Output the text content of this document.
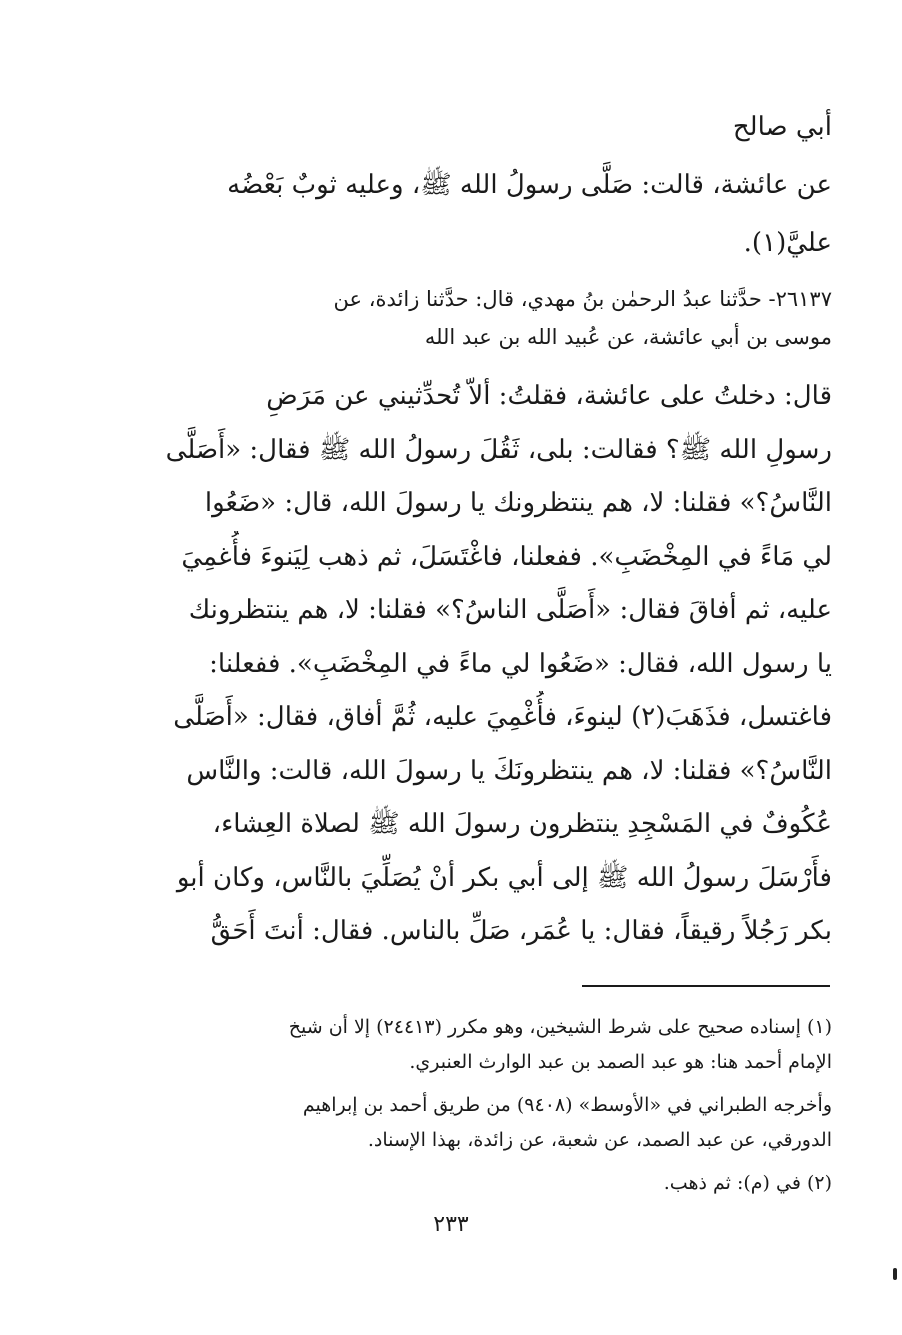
أبي صالح
عن عائشة، قالت: صَلَّى رسولُ الله ﷺ، وعليه ثوبٌ بَعْضُه
عليَّ(١).
٢٦١٣٧- حدَّثنا عبدُ الرحمٰن بنُ مهدي، قال: حدَّثنا زائدة، عن
موسى بن أبي عائشة، عن عُبيد الله بن عبد الله
قال: دخلتُ على عائشة، فقلتُ: ألاّ تُحدِّثيني عن مَرَضِ
رسولِ الله ﷺ؟ فقالت: بلى، ثَقُلَ رسولُ الله ﷺ فقال: «أَصَلَّى
النَّاسُ؟» فقلنا: لا، هم ينتظرونك يا رسولَ الله، قال: «ضَعُوا
لي مَاءً في المِخْضَبِ». ففعلنا، فاغْتَسَلَ، ثم ذهب لِيَنوءَ فأُغمِيَ
عليه، ثم أفاقَ فقال: «أَصَلَّى الناسُ؟» فقلنا: لا، هم ينتظرونك
يا رسول الله، فقال: «ضَعُوا لي ماءً في المِخْضَبِ». ففعلنا:
فاغتسل، فذَهَبَ(٢) لينوءَ، فأُغْمِيَ عليه، ثُمَّ أفاق، فقال: «أَصَلَّى
النَّاسُ؟» فقلنا: لا، هم ينتظرونَكَ يا رسولَ الله، قالت: والنَّاس
عُكُوفٌ في المَسْجِدِ ينتظرون رسولَ الله ﷺ لصلاة العِشاء،
فأَرْسَلَ رسولُ الله ﷺ إلى أبي بكر أنْ يُصَلِّيَ بالنَّاس، وكان أبو
بكر رَجُلاً رقيقاً، فقال: يا عُمَر، صَلِّ بالناس. فقال: أنتَ أَحَقُّ
(١) إسناده صحيح على شرط الشيخين، وهو مكرر (٢٤٤١٣) إلا أن شيخ
الإمام أحمد هنا: هو عبد الصمد بن عبد الوارث العنبري.
وأخرجه الطبراني في «الأوسط» (٩٤٠٨) من طريق أحمد بن إبراهيم
الدورقي، عن عبد الصمد، عن شعبة، عن زائدة، بهذا الإسناد.
(٢) في (م): ثم ذهب.
٢٣٣
